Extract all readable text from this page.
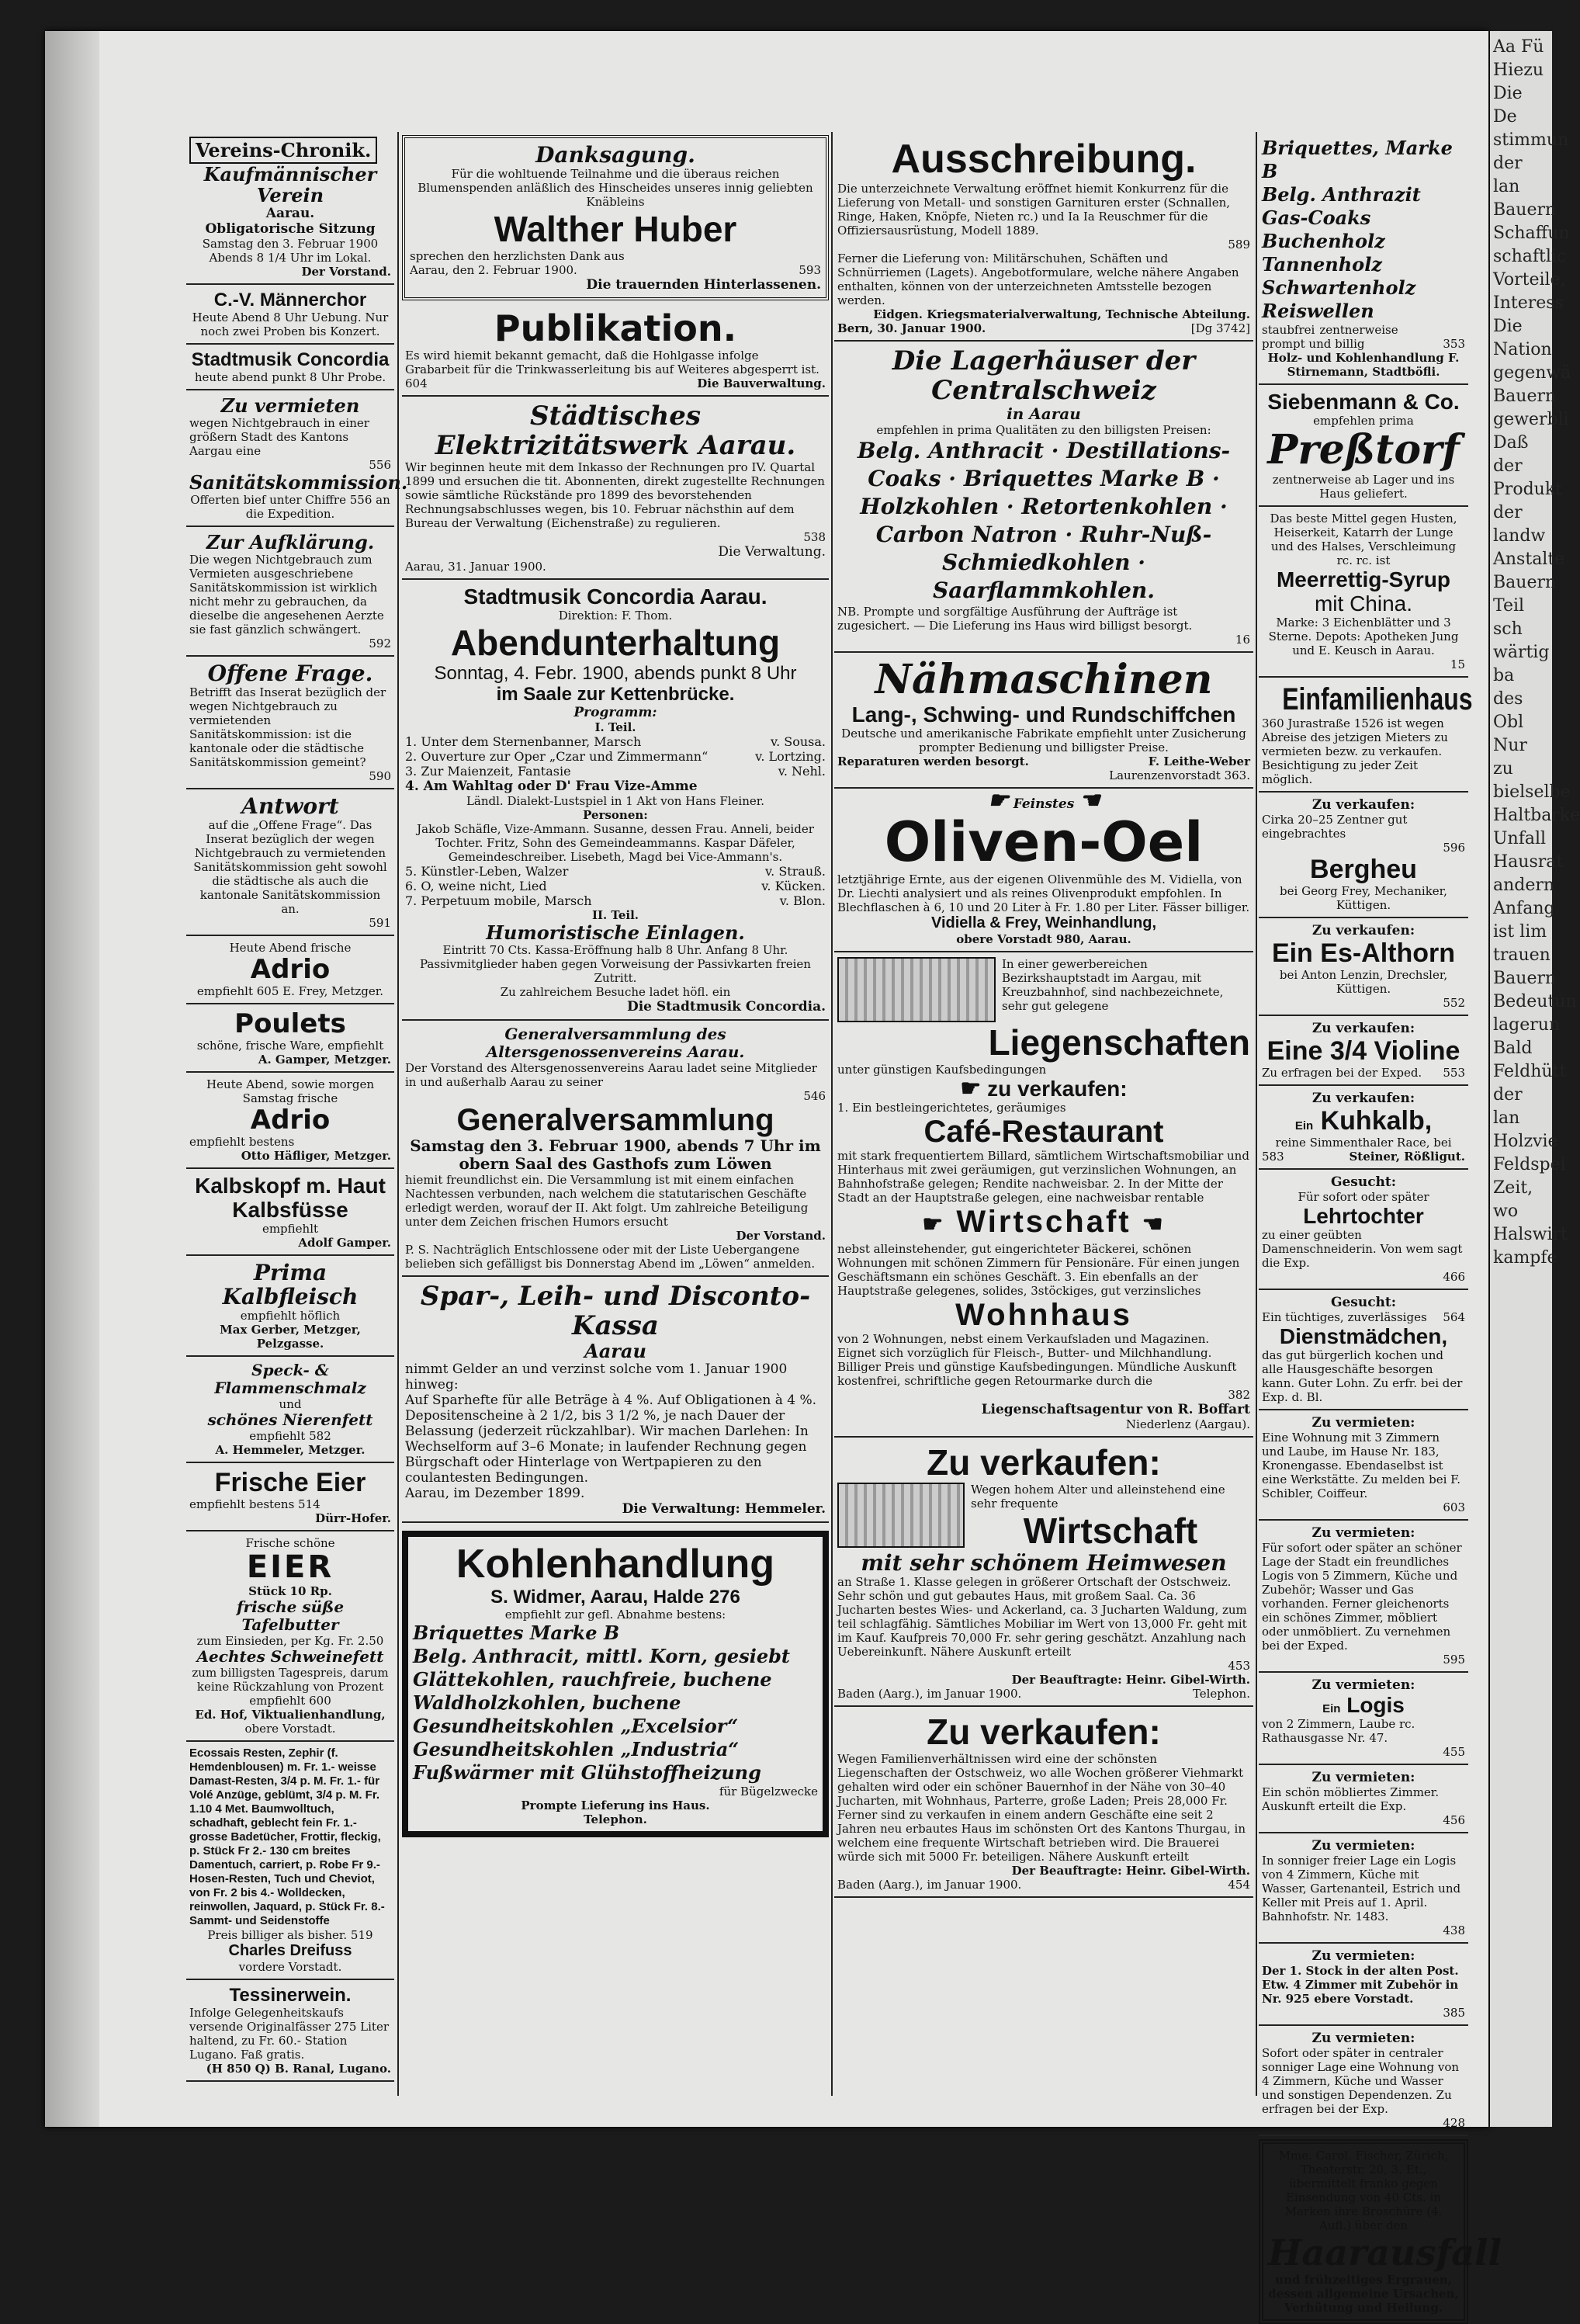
Aa Fü Hiezu Die De stimmun der lan Bauern Schaffun schaftlic Vorteile, Interess Die Nation gegenwä Bauern gewerbli Daß der Produkt der landw Anstalte Bauern Teil sch wärtig ba des Obl Nur zu bielselbe Haltbarke Unfall Hausrat andern Anfang ist lim trauen Bauern Bedeutun lagerun Bald Feldhütt der lan Holzvie Feldspei Zeit, wo Halswirt kampfe
Vereins-Chronik.
Kaufmännischer Verein
Aarau.
Obligatorische Sitzung
Samstag den 3. Februar 1900 Abends 8 1/4 Uhr im Lokal.
Der Vorstand.
C.-V. Männerchor
Heute Abend 8 Uhr Uebung. Nur noch zwei Proben bis Konzert.
Stadtmusik Concordia
heute abend punkt 8 Uhr Probe.
Zu vermieten
wegen Nichtgebrauch in einer größern Stadt des Kantons Aargau eine
556
Sanitätskommission.
Offerten bief unter Chiffre 556 an die Expedition.
Zur Aufklärung.
Die wegen Nichtgebrauch zum Vermieten ausgeschriebene Sanitätskommission ist wirklich nicht mehr zu gebrauchen, da dieselbe die angesehenen Aerzte sie fast gänzlich schwängert.
592
Offene Frage.
Betrifft das Inserat bezüglich der wegen Nichtgebrauch zu vermietenden Sanitätskommission: ist die kantonale oder die städtische Sanitätskommission gemeint?
590
Antwort
auf die „Offene Frage“. Das Inserat bezüglich der wegen Nichtgebrauch zu vermietenden Sanitätskommission geht sowohl die städtische als auch die kantonale Sanitätskommission an.
591
Heute Abend frische
Adrio
empfiehlt 605 E. Frey, Metzger.
Poulets
schöne, frische Ware, empfiehlt
A. Gamper, Metzger.
Heute Abend, sowie morgen Samstag frische
Adrio
empfiehlt bestens
Otto Häfliger, Metzger.
Kalbskopf m. Haut Kalbsfüsse
empfiehlt
Adolf Gamper.
Prima Kalbfleisch
empfiehlt höflich
Max Gerber, Metzger, Pelzgasse.
Speck- & Flammenschmalz
und
schönes Nierenfett
empfiehlt 582
A. Hemmeler, Metzger.
Frische Eier
empfiehlt bestens 514
Dürr-Hofer.
Frische schöne
EIER
Stück 10 Rp.
frische süße Tafelbutter
zum Einsieden, per Kg. Fr. 2.50
Aechtes Schweinefett
zum billigsten Tagespreis, darum keine Rückzahlung von Prozent empfiehlt 600
Ed. Hof, Viktualienhandlung,
obere Vorstadt.
Ecossais Resten, Zephir (f. Hemdenblousen) m. Fr. 1.- weisse Damast-Resten, 3/4 p. M. Fr. 1.- für Volé Anzüge, geblümt, 3/4 p. M. Fr. 1.10 4 Met. Baumwolltuch, schadhaft, geblecht fein Fr. 1.- grosse Badetücher, Frottir, fleckig, p. Stück Fr 2.- 130 cm breites Damentuch, carriert, p. Robe Fr 9.- Hosen-Resten, Tuch und Cheviot, von Fr. 2 bis 4.- Wolldecken, reinwollen, Jaquard, p. Stück Fr. 8.- Sammt- und Seidenstoffe
Preis billiger als bisher. 519
Charles Dreifuss
vordere Vorstadt.
Tessinerwein.
Infolge Gelegenheitskaufs versende Originalfässer 275 Liter haltend, zu Fr. 60.- Station Lugano. Faß gratis.
(H 850 Q) B. Ranal, Lugano.
Danksagung.
Für die wohltuende Teilnahme und die überaus reichen Blumenspenden anläßlich des Hinscheides unseres innig geliebten Knäbleins
Walther Huber
sprechen den herzlichsten Dank aus
Aarau, den 2. Februar 1900.	593
Die trauernden Hinterlassenen.
Publikation.
Es wird hiemit bekannt gemacht, daß die Hohlgasse infolge Grabarbeit für die Trinkwasserleitung bis auf Weiteres abgesperrt ist.
604	Die Bauverwaltung.
Städtisches Elektrizitätswerk Aarau.
Wir beginnen heute mit dem Inkasso der Rechnungen pro IV. Quartal 1899 und ersuchen die tit. Abonnenten, direkt zugestellte Rechnungen sowie sämtliche Rückstände pro 1899 des bevorstehenden Rechnungsabschlusses wegen, bis 10. Februar nächsthin auf dem Bureau der Verwaltung (Eichenstraße) zu regulieren.
538
Die Verwaltung.
Aarau, 31. Januar 1900.
Stadtmusik Concordia Aarau.
Direktion: F. Thom.
Abendunterhaltung
Sonntag, 4. Febr. 1900, abends punkt 8 Uhr
im Saale zur Kettenbrücke.
Programm:
I. Teil.
1. Unter dem Sternenbanner, Marsch	v. Sousa.
2. Ouverture zur Oper „Czar und Zimmermann“	v. Lortzing.
3. Zur Maienzeit, Fantasie	v. Nehl.
4. Am Wahltag oder D' Frau Vize-Amme
Ländl. Dialekt-Lustspiel in 1 Akt von Hans Fleiner.
Personen:
Jakob Schäfle, Vize-Ammann. Susanne, dessen Frau. Anneli, beider Tochter. Fritz, Sohn des Gemeindeammanns. Kaspar Däfeler, Gemeindeschreiber. Lisebeth, Magd bei Vice-Ammann's.
5. Künstler-Leben, Walzer	v. Strauß.
6. O, weine nicht, Lied	v. Kücken.
7. Perpetuum mobile, Marsch	v. Blon.
II. Teil.
Humoristische Einlagen.
Eintritt 70 Cts. Kassa-Eröffnung halb 8 Uhr. Anfang 8 Uhr. Passivmitglieder haben gegen Vorweisung der Passivkarten freien Zutritt.
Zu zahlreichem Besuche ladet höfl. ein
Die Stadtmusik Concordia.
Generalversammlung des Altersgenossenvereins Aarau.
Der Vorstand des Altersgenossenvereins Aarau ladet seine Mitglieder in und außerhalb Aarau zu seiner
546
Generalversammlung
Samstag den 3. Februar 1900, abends 7 Uhr im obern Saal des Gasthofs zum Löwen
hiemit freundlichst ein. Die Versammlung ist mit einem einfachen Nachtessen verbunden, nach welchem die statutarischen Geschäfte erledigt werden, worauf der II. Akt folgt. Um zahlreiche Beteiligung unter dem Zeichen frischen Humors ersucht
Der Vorstand.
P. S. Nachträglich Entschlossene oder mit der Liste Uebergangene belieben sich gefälligst bis Donnerstag Abend im „Löwen“ anmelden.
Spar-, Leih- und Disconto-Kassa
Aarau
nimmt Gelder an und verzinst solche vom 1. Januar 1900 hinweg:
Auf Sparhefte für alle Beträge à 4 %. Auf Obligationen à 4 %. Depositenscheine à 2 1/2, bis 3 1/2 %, je nach Dauer der Belassung (jederzeit rückzahlbar). Wir machen Darlehen: In Wechselform auf 3–6 Monate; in laufender Rechnung gegen Bürgschaft oder Hinterlage von Wertpapieren zu den coulantesten Bedingungen.
Aarau, im Dezember 1899.
Die Verwaltung: Hemmeler.
Kohlenhandlung
S. Widmer, Aarau, Halde 276
empfiehlt zur gefl. Abnahme bestens:
Briquettes Marke B
Belg. Anthracit, mittl. Korn, gesiebt
Glättekohlen, rauchfreie, buchene
Waldholzkohlen, buchene
Gesundheitskohlen „Excelsior“
Gesundheitskohlen „Industria“
Fußwärmer mit Glühstoffheizung
für Bügelzwecke
Prompte Lieferung ins Haus.
Telephon.
Ausschreibung.
Die unterzeichnete Verwaltung eröffnet hiemit Konkurrenz für die Lieferung von Metall- und sonstigen Garnituren erster (Schnallen, Ringe, Haken, Knöpfe, Nieten rc.) und Ia Ia Reuschmer für die Offiziersausrüstung, Modell 1889.
589
Ferner die Lieferung von: Militärschuhen, Schäften und Schnürriemen (Lagets). Angebotformulare, welche nähere Angaben enthalten, können von der unterzeichneten Amtsstelle bezogen werden.
Eidgen. Kriegsmaterialverwaltung, Technische Abteilung.
Bern, 30. Januar 1900.	[Dg 3742]
Die Lagerhäuser der Centralschweiz
in Aarau
empfehlen in prima Qualitäten zu den billigsten Preisen:
Belg. Anthracit · Destillations-Coaks · Briquettes Marke B · Holzkohlen · Retortenkohlen · Carbon Natron · Ruhr-Nuß-Schmiedkohlen · Saarflammkohlen.
NB. Prompte und sorgfältige Ausführung der Aufträge ist zugesichert. — Die Lieferung ins Haus wird billigst besorgt.
16
Nähmaschinen
Lang-, Schwing- und Rundschiffchen
Deutsche und amerikanische Fabrikate empfiehlt unter Zusicherung prompter Bedienung und billigster Preise.
Reparaturen werden besorgt.	F. Leithe-Weber
Laurenzenvorstadt 363.
☛ Feinstes ☚
Oliven-Oel
letztjährige Ernte, aus der eigenen Olivenmühle des M. Vidiella, von Dr. Liechti analysiert und als reines Olivenprodukt empfohlen. In Blechflaschen à 6, 10 und 20 Liter à Fr. 1.80 per Liter. Fässer billiger.
Vidiella & Frey, Weinhandlung,
obere Vorstadt 980, Aarau.
In einer gewerbereichen Bezirkshauptstadt im Aargau, mit Kreuzbahnhof, sind nachbezeichnete, sehr gut gelegene
Liegenschaften
unter günstigen Kaufsbedingungen
☛ zu verkaufen:
1. Ein bestleingerichtetes, geräumiges
Café-Restaurant
mit stark frequentiertem Billard, sämtlichem Wirtschaftsmobiliar und Hinterhaus mit zwei geräumigen, gut verzinslichen Wohnungen, an Bahnhofstraße gelegen; Rendite nachweisbar. 2. In der Mitte der Stadt an der Hauptstraße gelegen, eine nachweisbar rentable
☛ Wirtschaft ☚
nebst alleinstehender, gut eingerichteter Bäckerei, schönen Wohnungen mit schönen Zimmern für Pensionäre. Für einen jungen Geschäftsmann ein schönes Geschäft. 3. Ein ebenfalls an der Hauptstraße gelegenes, solides, 3stöckiges, gut verzinsliches
Wohnhaus
von 2 Wohnungen, nebst einem Verkaufsladen und Magazinen. Eignet sich vorzüglich für Fleisch-, Butter- und Milchhandlung. Billiger Preis und günstige Kaufsbedingungen. Mündliche Auskunft kostenfrei, schriftliche gegen Retourmarke durch die
382
Liegenschaftsagentur von R. Boffart
Niederlenz (Aargau).
Zu verkaufen:
Wegen hohem Alter und alleinstehend eine sehr frequente
Wirtschaft
mit sehr schönem Heimwesen
an Straße 1. Klasse gelegen in größerer Ortschaft der Ostschweiz. Sehr schön und gut gebautes Haus, mit großem Saal. Ca. 36 Jucharten bestes Wies- und Ackerland, ca. 3 Jucharten Waldung, zum teil schlagfähig. Sämtliches Mobiliar im Wert von 13,000 Fr. geht mit im Kauf. Kaufpreis 70,000 Fr. sehr gering geschätzt. Anzahlung nach Uebereinkunft. Nähere Auskunft erteilt
453
Der Beauftragte: Heinr. Gibel-Wirth.
Baden (Aarg.), im Januar 1900.	Telephon.
Zu verkaufen:
Wegen Familienverhältnissen wird eine der schönsten Liegenschaften der Ostschweiz, wo alle Wochen größerer Viehmarkt gehalten wird oder ein schöner Bauernhof in der Nähe von 30–40 Jucharten, mit Wohnhaus, Parterre, große Laden; Preis 28,000 Fr. Ferner sind zu verkaufen in einem andern Geschäfte eine seit 2 Jahren neu erbautes Haus im schönsten Ort des Kantons Thurgau, in welchem eine frequente Wirtschaft betrieben wird. Die Brauerei würde sich mit 5000 Fr. beteiligen. Nähere Auskunft erteilt
Der Beauftragte: Heinr. Gibel-Wirth.
Baden (Aarg.), im Januar 1900.	454
Briquettes, Marke B
Belg. Anthrazit
Gas-Coaks
Buchenholz
Tannenholz
Schwartenholz
Reiswellen
staubfrei zentnerweise
prompt und billig	353
Holz- und Kohlenhandlung F. Stirnemann, Stadtböfli.
Siebenmann & Co.
empfehlen prima
Preßtorf
zentnerweise ab Lager und ins Haus geliefert.
Das beste Mittel gegen Husten, Heiserkeit, Katarrh der Lunge und des Halses, Verschleimung rc. rc. ist
Meerrettig-Syrup
mit China.
Marke: 3 Eichenblätter und 3 Sterne. Depots: Apotheken Jung und E. Keusch in Aarau.
15
Einfamilienhaus
360 Jurastraße 1526 ist wegen Abreise des jetzigen Mieters zu vermieten bezw. zu verkaufen. Besichtigung zu jeder Zeit möglich.
Zu verkaufen:
Cirka 20–25 Zentner gut eingebrachtes
596
Bergheu
bei Georg Frey, Mechaniker, Küttigen.
Zu verkaufen:
Ein Es-Althorn
bei Anton Lenzin, Drechsler, Küttigen.
552
Zu verkaufen:
Eine 3/4 Violine
Zu erfragen bei der Exped. 553
Zu verkaufen:
Ein Kuhkalb,
reine Simmenthaler Race, bei
583	Steiner, Rößligut.
Gesucht:
Für sofort oder später
Lehrtochter
zu einer geübten Damenschneiderin. Von wem sagt die Exp.
466
Gesucht:
Ein tüchtiges, zuverlässiges 564
Dienstmädchen,
das gut bürgerlich kochen und alle Hausgeschäfte besorgen kann. Guter Lohn. Zu erfr. bei der Exp. d. Bl.
Zu vermieten:
Eine Wohnung mit 3 Zimmern und Laube, im Hause Nr. 183, Kronengasse. Ebendaselbst ist eine Werkstätte. Zu melden bei F. Schibler, Coiffeur.
603
Zu vermieten:
Für sofort oder später an schöner Lage der Stadt ein freundliches Logis von 5 Zimmern, Küche und Zubehör; Wasser und Gas vorhanden. Ferner gleichenorts ein schönes Zimmer, möbliert oder unmöbliert. Zu vernehmen bei der Exped.
595
Zu vermieten:
Ein Logis
von 2 Zimmern, Laube rc. Rathausgasse Nr. 47.
455
Zu vermieten:
Ein schön möbliertes Zimmer. Auskunft erteilt die Exp.
456
Zu vermieten:
In sonniger freier Lage ein Logis von 4 Zimmern, Küche mit Wasser, Gartenanteil, Estrich und Keller mit Preis auf 1. April. Bahnhofstr. Nr. 1483.
438
Zu vermieten:
Der 1. Stock in der alten Post. Etw. 4 Zimmer mit Zubehör in Nr. 925 ebere Vorstadt.
385
Zu vermieten:
Sofort oder später in centraler sonniger Lage eine Wohnung von 4 Zimmern, Küche und Wasser und sonstigen Dependenzen. Zu erfragen bei der Exp.
428
Mme. Carol. Fischer, Zürich, Theaterstr. 20, 3. Et., übermittelt franko gegen Einsendung von 40 Cts. in Marken ihre Broschüre (4. Aufl.) über den
Haarausfall
und frühzeitiges Ergrauen, dessen allgemeine Ursachen, Verhütung und Heilung.
